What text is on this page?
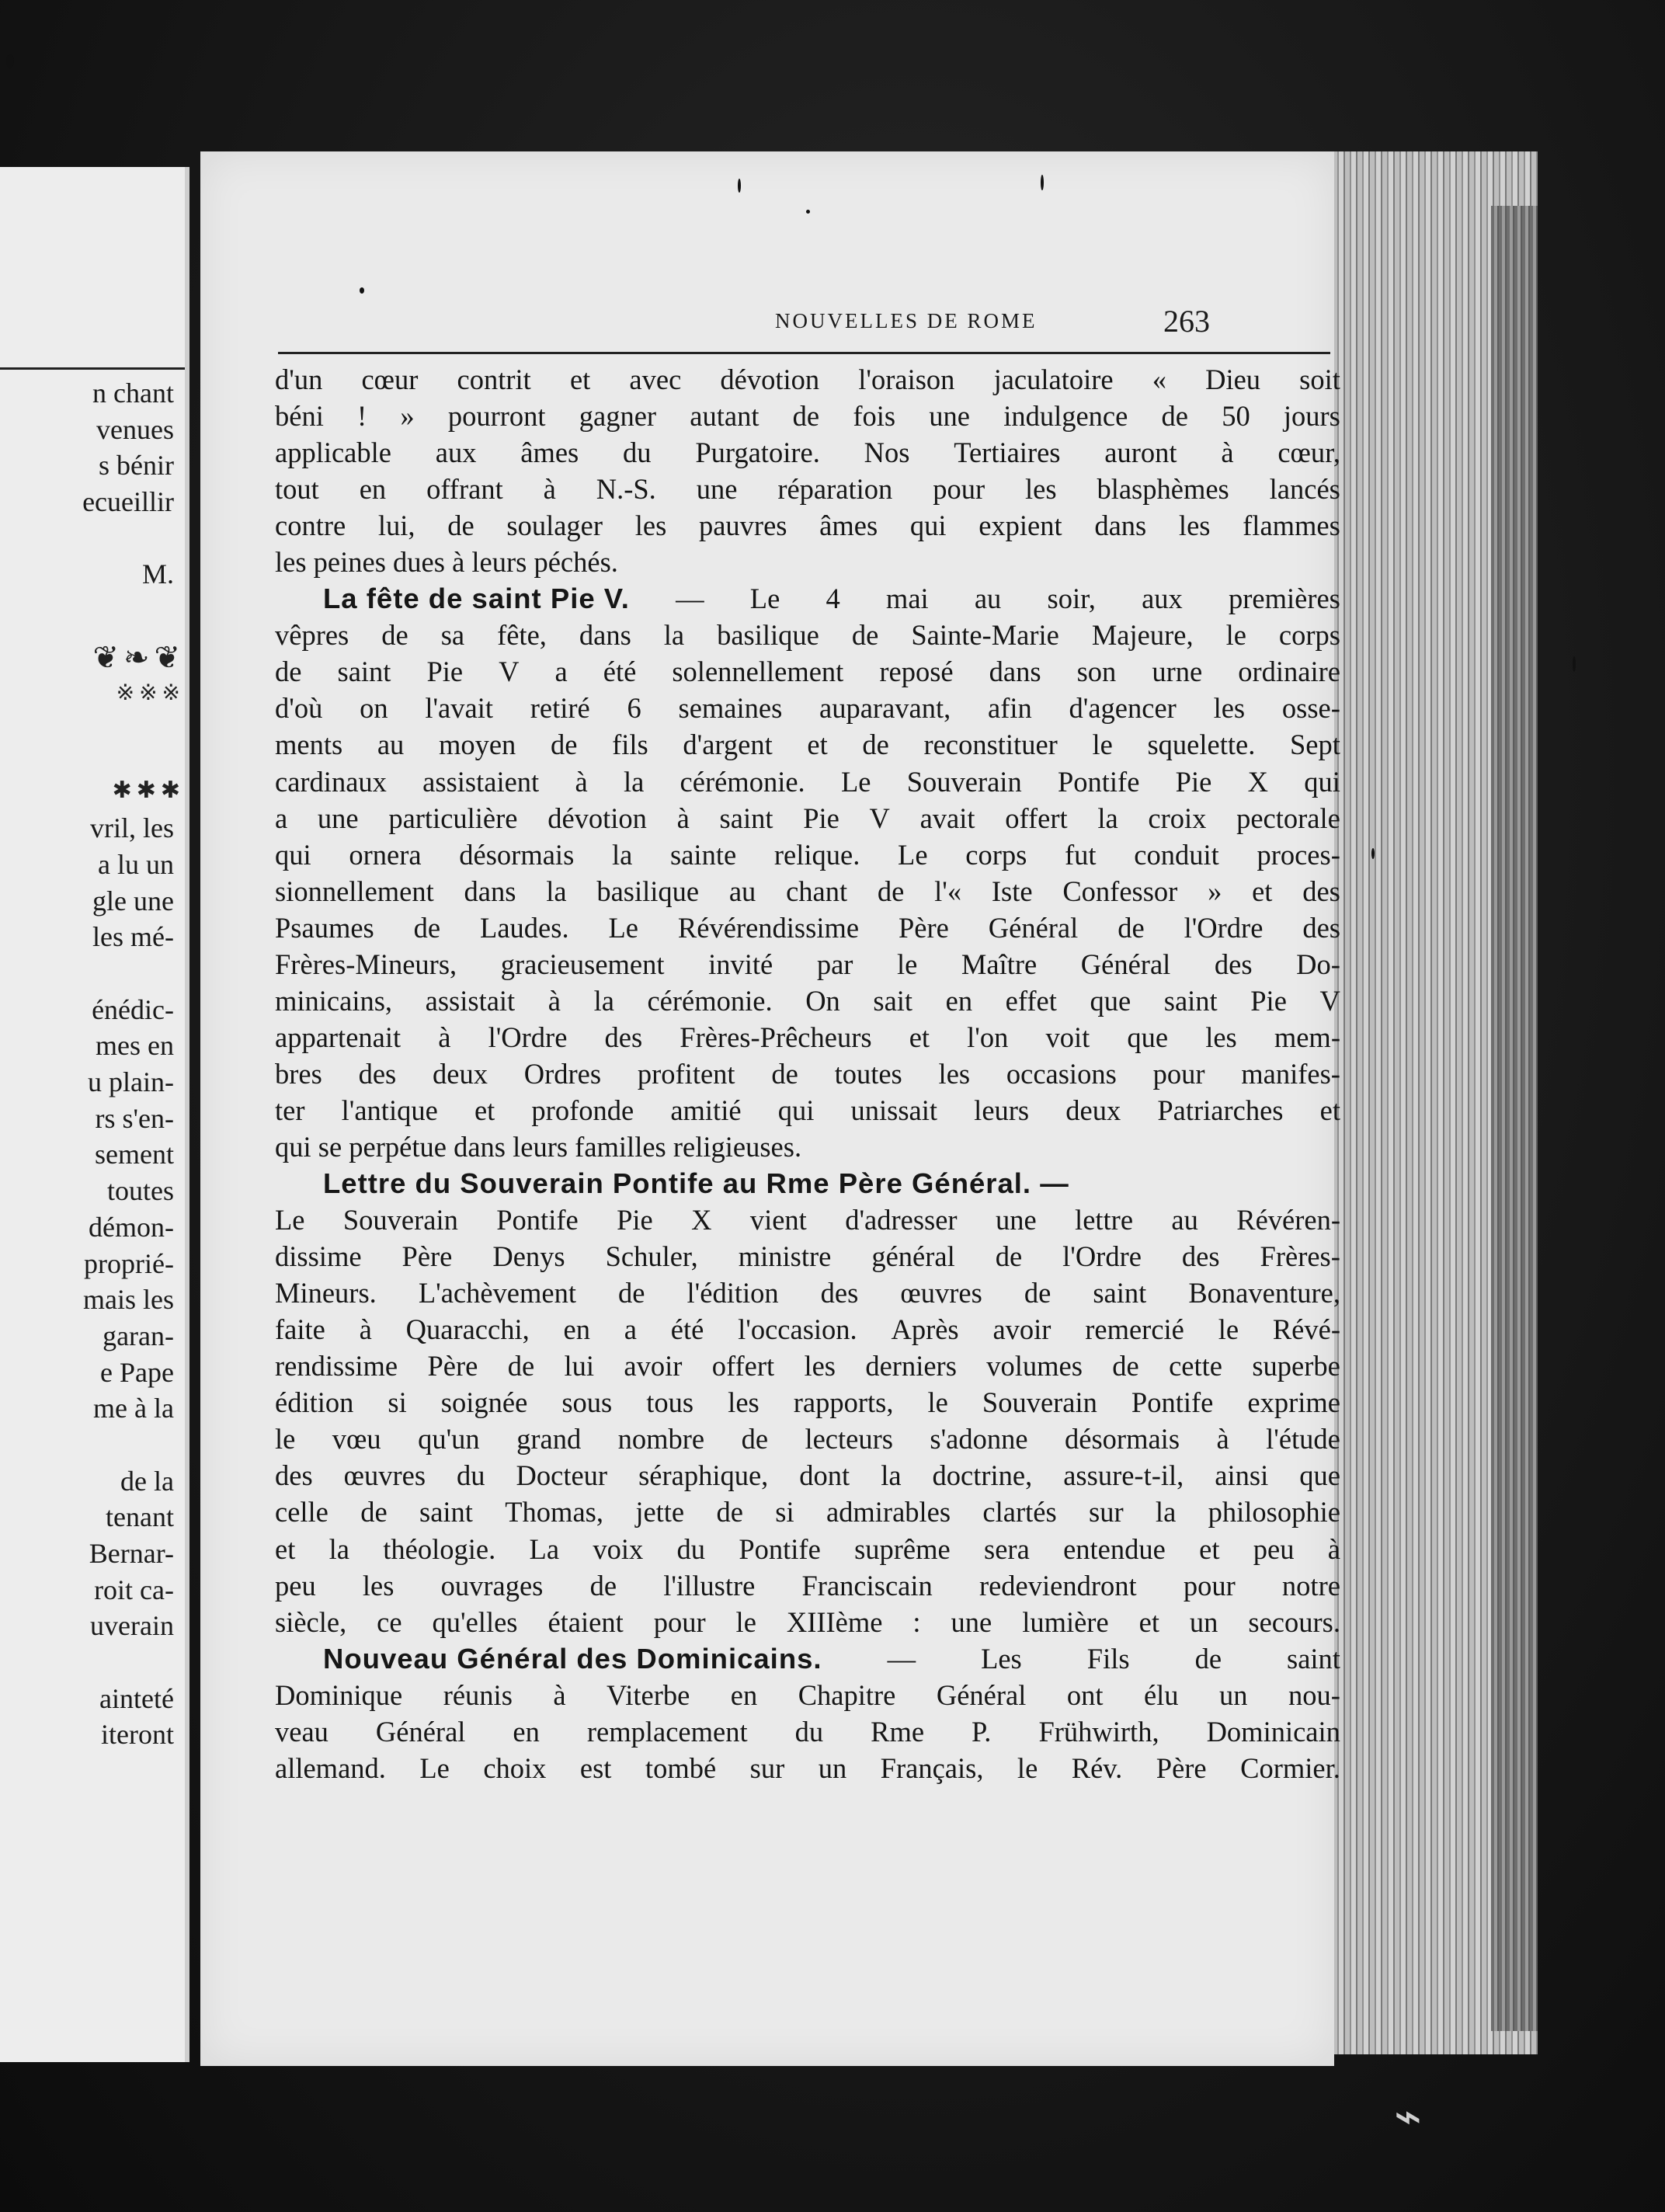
n chant
venues
s bénir
ecueillir
M.
vril, les
a lu un
gle une
les mé-
énédic-
mes en
u plain-
rs s'en-
sement
toutes
démon-
proprié-
mais les
garan-
e Pape
me à la
de la
tenant
Bernar-
roit ca-
uverain
ainteté
iteront
❦❧❦
※※※
✱✱✱
NOUVELLES DE ROME	263
d'un cœur contrit et avec dévotion l'oraison jaculatoire « Dieu soit
béni ! » pourront gagner autant de fois une indulgence de 50 jours
applicable aux âmes du Purgatoire. Nos Tertiaires auront à cœur,
tout en offrant à N.-S. une réparation pour les blasphèmes lancés
contre lui, de soulager les pauvres âmes qui expient dans les flammes
les peines dues à leurs péchés.
La fête de saint Pie V. — Le 4 mai au soir, aux premières
vêpres de sa fête, dans la basilique de Sainte-Marie Majeure, le corps
de saint Pie V a été solennellement reposé dans son urne ordinaire
d'où on l'avait retiré 6 semaines auparavant, afin d'agencer les osse-
ments au moyen de fils d'argent et de reconstituer le squelette. Sept
cardinaux assistaient à la cérémonie. Le Souverain Pontife Pie X qui
a une particulière dévotion à saint Pie V avait offert la croix pectorale
qui ornera désormais la sainte relique. Le corps fut conduit proces-
sionnellement dans la basilique au chant de l'« Iste Confessor » et des
Psaumes de Laudes. Le Révérendissime Père Général de l'Ordre des
Frères-Mineurs, gracieusement invité par le Maître Général des Do-
minicains, assistait à la cérémonie. On sait en effet que saint Pie V
appartenait à l'Ordre des Frères-Prêcheurs et l'on voit que les mem-
bres des deux Ordres profitent de toutes les occasions pour manifes-
ter l'antique et profonde amitié qui unissait leurs deux Patriarches et
qui se perpétue dans leurs familles religieuses.
Lettre du Souverain Pontife au Rme Père Général. —
Le Souverain Pontife Pie X vient d'adresser une lettre au Révéren-
dissime Père Denys Schuler, ministre général de l'Ordre des Frères-
Mineurs. L'achèvement de l'édition des œuvres de saint Bonaventure,
faite à Quaracchi, en a été l'occasion. Après avoir remercié le Révé-
rendissime Père de lui avoir offert les derniers volumes de cette superbe
édition si soignée sous tous les rapports, le Souverain Pontife exprime
le vœu qu'un grand nombre de lecteurs s'adonne désormais à l'étude
des œuvres du Docteur séraphique, dont la doctrine, assure-t-il, ainsi que
celle de saint Thomas, jette de si admirables clartés sur la philosophie
et la théologie. La voix du Pontife suprême sera entendue et peu à
peu les ouvrages de l'illustre Franciscain redeviendront pour notre
siècle, ce qu'elles étaient pour le XIIIème : une lumière et un secours.
Nouveau Général des Dominicains. — Les Fils de saint
Dominique réunis à Viterbe en Chapitre Général ont élu un nou-
veau Général en remplacement du Rme P. Frühwirth, Dominicain
allemand. Le choix est tombé sur un Français, le Rév. Père Cormier.
⌁
